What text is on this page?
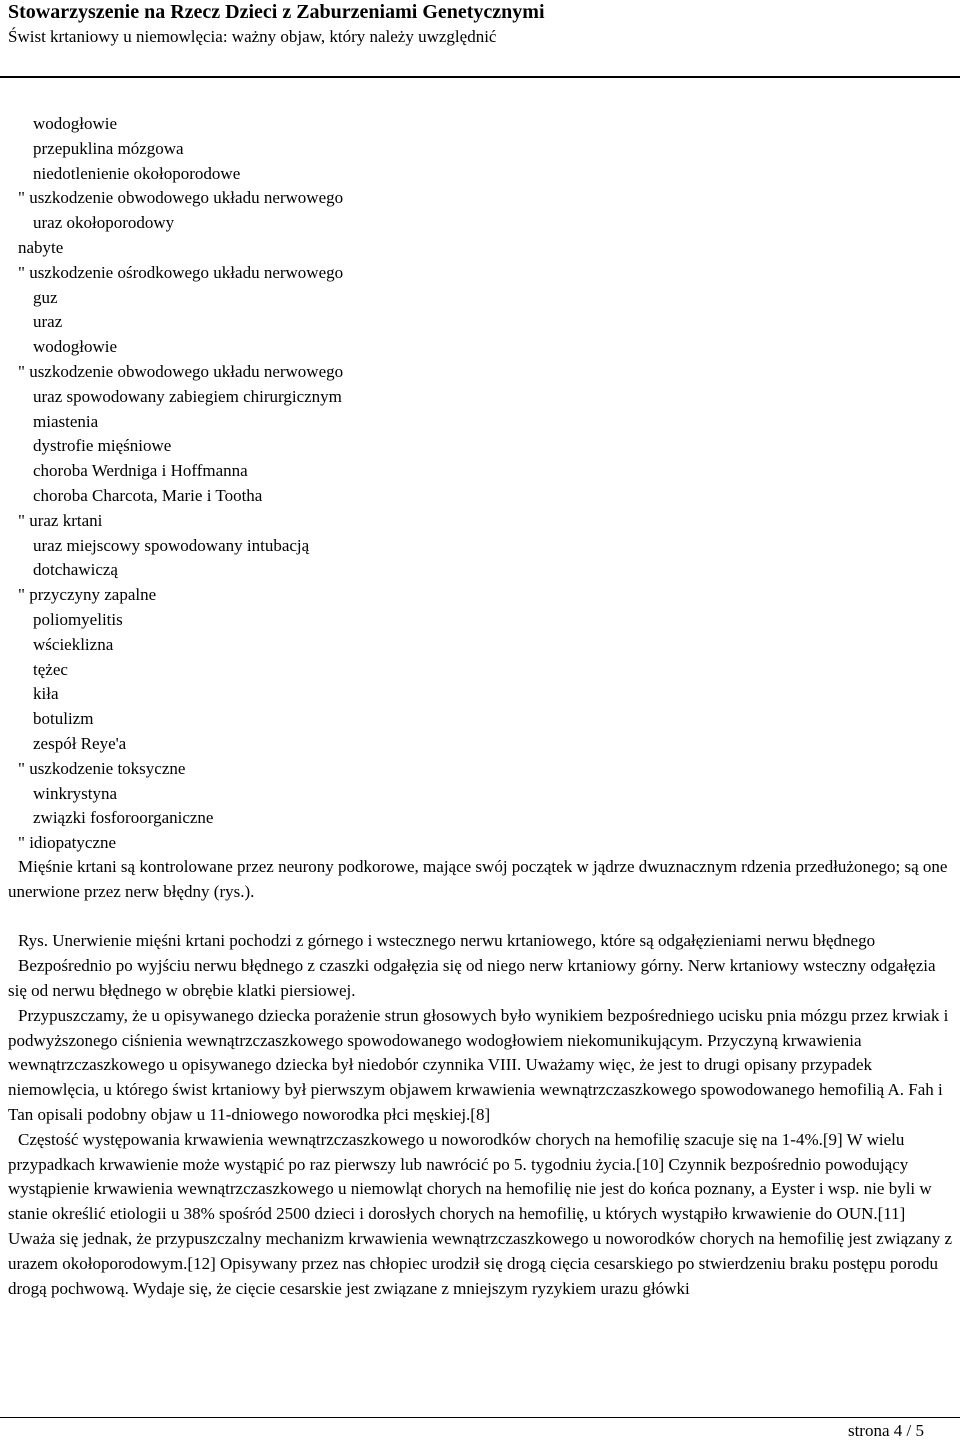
Stowarzyszenie na Rzecz Dzieci z Zaburzeniami Genetycznymi
Świst krtaniowy u niemowlęcia: ważny objaw, który należy uwzględnić
wodogłowie
przepuklina mózgowa
niedotlenienie okołoporodowe
" uszkodzenie obwodowego układu nerwowego
uraz okołoporodowy
nabyte
" uszkodzenie ośrodkowego układu nerwowego
guz
uraz
wodogłowie
" uszkodzenie obwodowego układu nerwowego
uraz spowodowany zabiegiem chirurgicznym
miastenia
dystrofie mięśniowe
choroba Werdniga i Hoffmanna
choroba Charcota, Marie i Tootha
" uraz krtani
uraz miejscowy spowodowany intubacją
dotchawiczą
" przyczyny zapalne
poliomyelitis
wścieklizna
tężec
kiła
botulizm
zespół Reye'a
" uszkodzenie toksyczne
winkrystyna
związki fosforoorganiczne
" idiopatyczne

Mięśnie krtani są kontrolowane przez neurony podkorowe, mające swój początek w jądrze dwuznacznym rdzenia przedłużonego; są one unerwione przez nerw błędny (rys.).

Rys. Unerwienie mięśni krtani pochodzi z górnego i wstecznego nerwu krtaniowego, które są odgałęzieniami nerwu błędnego

Bezpośrednio po wyjściu nerwu błędnego z czaszki odgałęzia się od niego nerw krtaniowy górny. Nerw krtaniowy wsteczny odgałęzia się od nerwu błędnego w obrębie klatki piersiowej.

Przypuszczamy, że u opisywanego dziecka porażenie strun głosowych było wynikiem bezpośredniego ucisku pnia mózgu przez krwiak i podwyższonego ciśnienia wewnątrzczaszkowego spowodowanego wodogłowiem niekomunikującym. Przyczyną krwawienia wewnątrzczaszkowego u opisywanego dziecka był niedobór czynnika VIII. Uważamy więc, że jest to drugi opisany przypadek niemowlęcia, u którego świst krtaniowy był pierwszym objawem krwawienia wewnątrzczaszkowego spowodowanego hemofilią A. Fah i Tan opisali podobny objaw u 11-dniowego noworodka płci męskiej.[8]

Częstość występowania krwawienia wewnątrzczaszkowego u noworodków chorych na hemofilię szacuje się na 1-4%.[9] W wielu przypadkach krwawienie może wystąpić po raz pierwszy lub nawrócić po 5. tygodniu życia.[10] Czynnik bezpośrednio powodujący wystąpienie krwawienia wewnątrzczaszkowego u niemowląt chorych na hemofilię nie jest do końca poznany, a Eyster i wsp. nie byli w stanie określić etiologii u 38% spośród 2500 dzieci i dorosłych chorych na hemofilię, u których wystąpiło krwawienie do OUN.[11] Uważa się jednak, że przypuszczalny mechanizm krwawienia wewnątrzczaszkowego u noworodków chorych na hemofilię jest związany z urazem okołoporodowym.[12] Opisywany przez nas chłopiec urodził się drogą cięcia cesarskiego po stwierdzeniu braku postępu porodu drogą pochwową. Wydaje się, że cięcie cesarskie jest związane z mniejszym ryzykiem urazu główki

strona 4 / 5
